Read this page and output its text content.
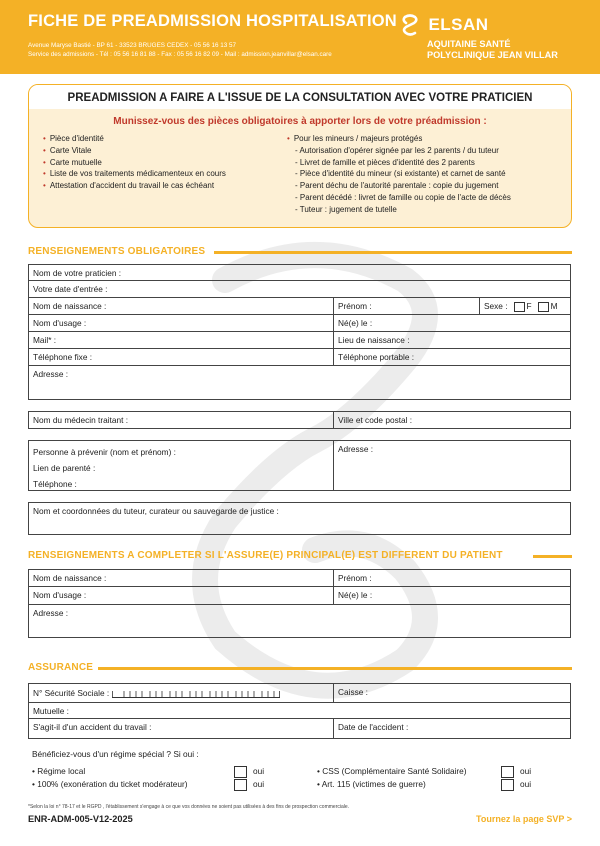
FICHE DE PREADMISSION HOSPITALISATION
Avenue Maryse Bastié - BP 61 - 33523 BRUGES CEDEX - 05 56 16 13 57
Service des admissions - Tél : 05 56 16 81 88 - Fax : 05 56 16 82 09 - Mail : admission.jeanvillar@elsan.care
ELSAN
AQUITAINE SANTÉ
POLYCLINIQUE JEAN VILLAR
PREADMISSION A FAIRE A L'ISSUE DE LA CONSULTATION AVEC VOTRE PRATICIEN
Munissez-vous des pièces obligatoires à apporter lors de votre préadmission :
• Pièce d'identité
• Carte Vitale
• Carte mutuelle
• Liste de vos traitements médicamenteux en cours
• Attestation d'accident du travail le cas échéant
• Pour les mineurs / majeurs protégés
- Autorisation d'opérer signée par les 2 parents / du tuteur
- Livret de famille et pièces d'identité des 2 parents
- Pièce d'identité du mineur (si existante) et carnet de santé
- Parent déchu de l'autorité parentale : copie du jugement
- Parent décédé : livret de famille ou copie de l'acte de décès
- Tuteur : jugement de tutelle
RENSEIGNEMENTS OBLIGATOIRES
Nom de votre praticien :
Votre date d'entrée :
Nom de naissance :	Prénom :	Sexe : F M
Nom d'usage :	Né(e) le :
Mail* :	Lieu de naissance :
Téléphone fixe :	Téléphone portable :
Adresse :
Nom du médecin traitant :	Ville et code postal :
Personne à prévenir (nom et prénom) :
Lien de parenté :
Téléphone :
Adresse :
Nom et coordonnées du tuteur, curateur ou sauvegarde de justice :
RENSEIGNEMENTS A COMPLETER SI L'ASSURE(E) PRINCIPAL(E) EST DIFFERENT DU PATIENT
Nom de naissance :	Prénom :
Nom d'usage :	Né(e) le :
Adresse :
ASSURANCE
N° Sécurité Sociale :	Caisse :
Mutuelle :
S'agit-il d'un accident du travail :	Date de l'accident :
Bénéficiez-vous d'un régime spécial ? Si oui :
• Régime local	oui	• CSS (Complémentaire Santé Solidaire)	oui
• 100% (exonération du ticket modérateur)	oui	• Art. 115 (victimes de guerre)	oui
*Selon la loi n° 78-17 et le RGPD , l'établissement s'engage à ce que vos données ne soient pas utilisées à des fins de prospection commerciale.
ENR-ADM-005-V12-2025	Tournez la page SVP >
